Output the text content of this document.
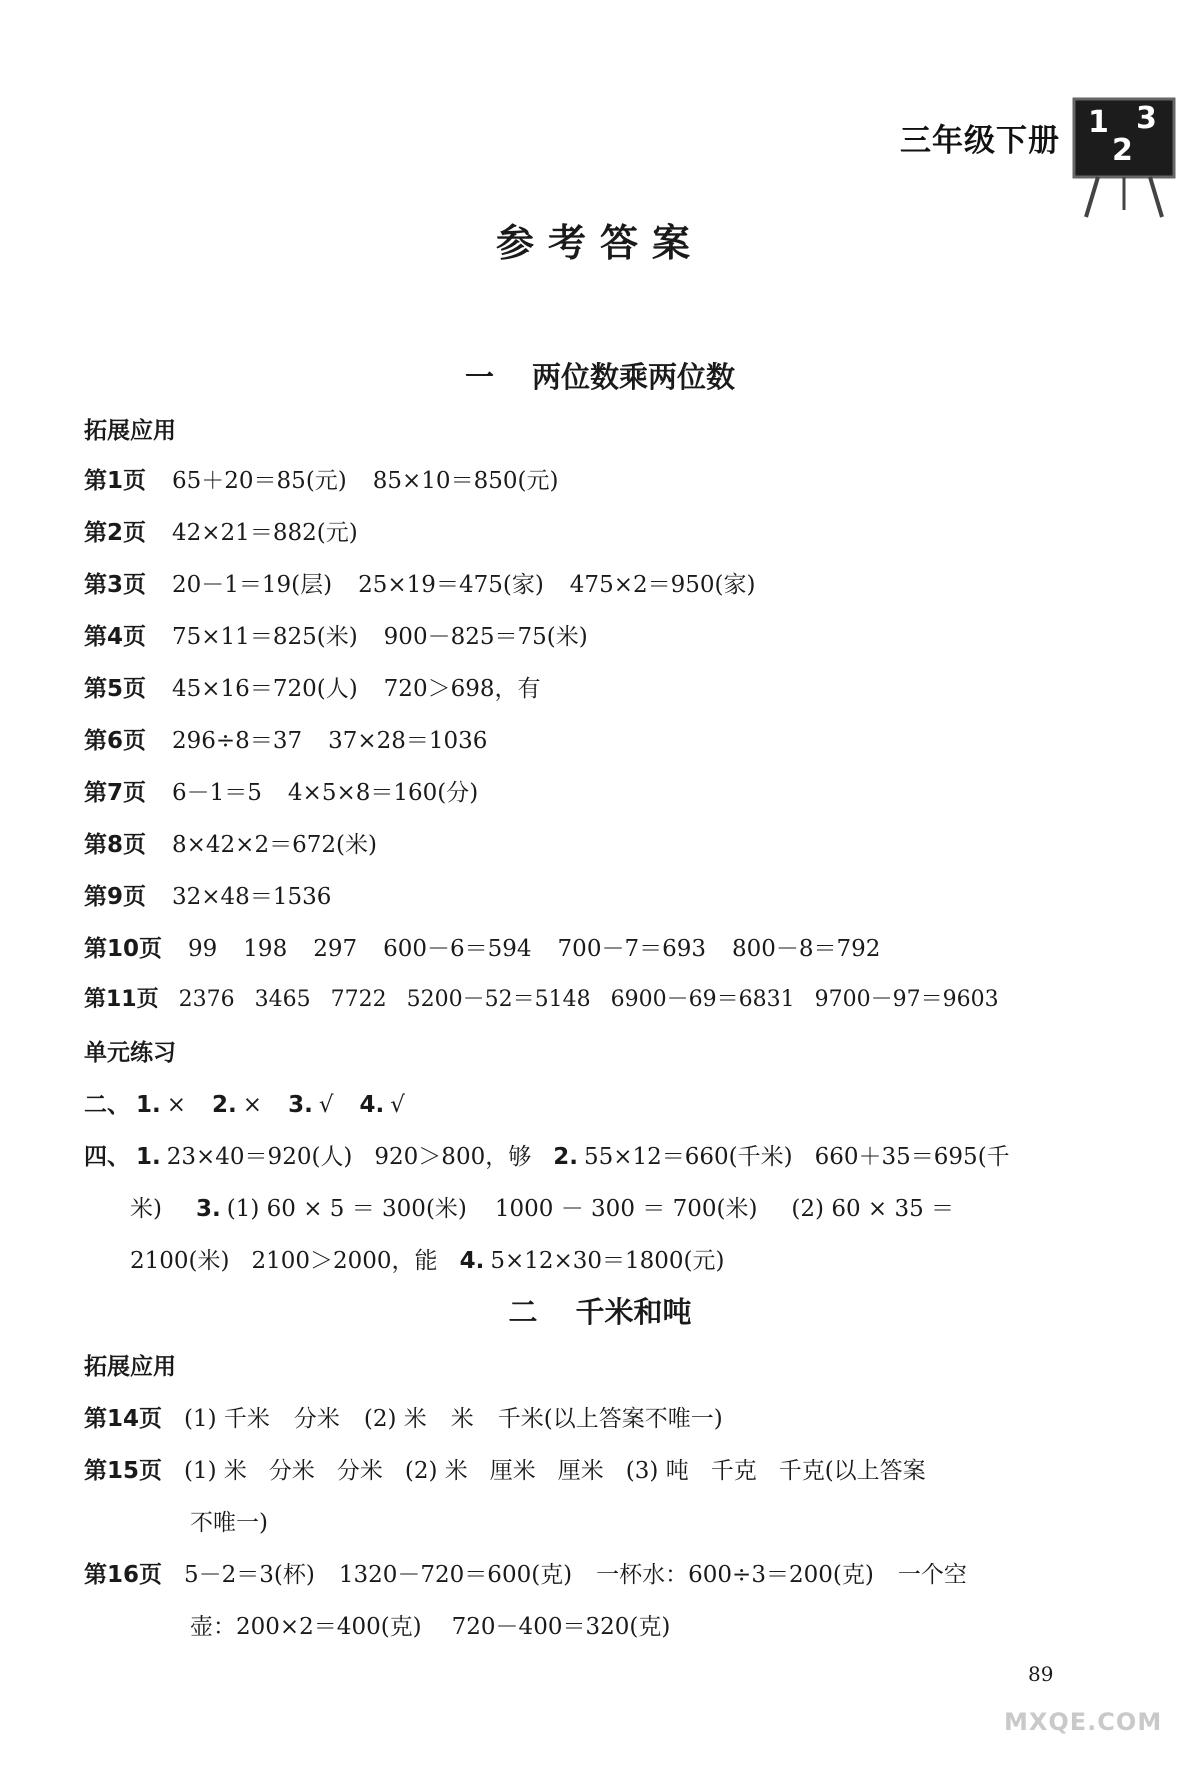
三年级下册
1 3
2
参考答案
一 两位数乘两位数
拓展应用
第1页 65＋20＝85(元) 85×10＝850(元)
第2页 42×21＝882(元)
第3页 20－1＝19(层) 25×19＝475(家) 475×2＝950(家)
第4页 75×11＝825(米) 900－825＝75(米)
第5页 45×16＝720(人) 720＞698，有
第6页 296÷8＝37 37×28＝1036
第7页 6－1＝5 4×5×8＝160(分)
第8页 8×42×2＝672(米)
第9页 32×48＝1536
第10页 99 198 297 600－6＝594 700－7＝693 800－8＝792
第11页 2376 3465 7722 5200－52＝5148 6900－69＝6831 9700－97＝9603
单元练习
二、 1. × 2. × 3. √ 4. √
四、 1. 23×40＝920(人) 920＞800，够 2. 55×12＝660(千米) 660＋35＝695(千
米) 3. (1) 60 × 5 ＝ 300(米) 1000 － 300 ＝ 700(米) (2) 60 × 35 ＝
2100(米) 2100＞2000，能 4. 5×12×30＝1800(元)
二 千米和吨
拓展应用
第14页 (1) 千米 分米 (2) 米 米 千米(以上答案不唯一)
第15页 (1) 米 分米 分米 (2) 米 厘米 厘米 (3) 吨 千克 千克(以上答案
不唯一)
第16页 5－2＝3(杯) 1320－720＝600(克) 一杯水：600÷3＝200(克) 一个空
壶：200×2＝400(克) 720－400＝320(克)
89
MXQE.COM
